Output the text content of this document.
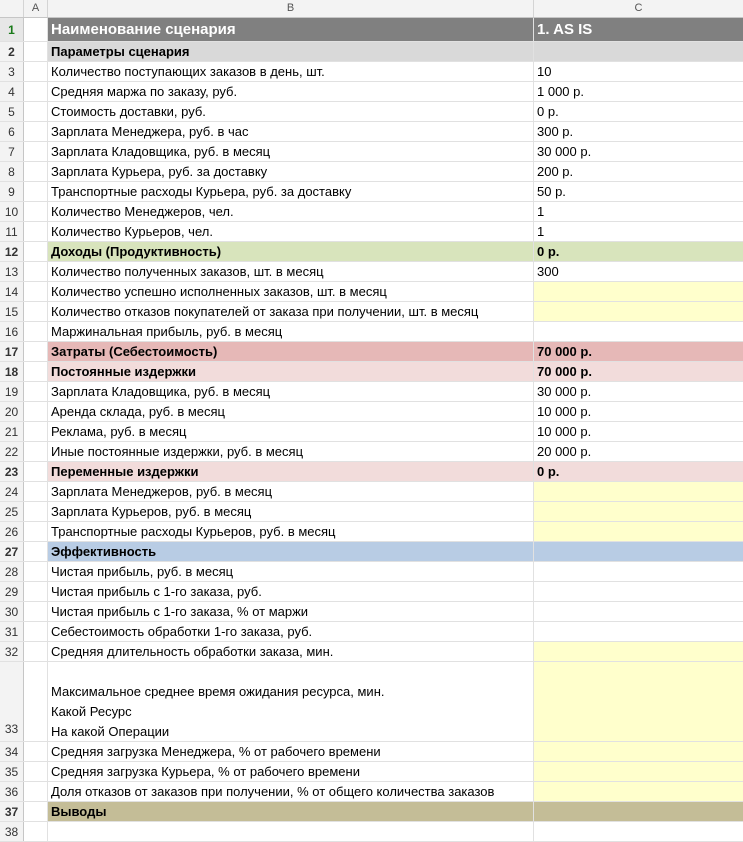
A	B	C
1	Наименование сценария	1. AS IS
2	Параметры сценария
3	Количество поступающих заказов в день, шт.	10
4	Средняя маржа по заказу, руб.	1 000 р.
5	Стоимость доставки, руб.	0 р.
6	Зарплата Менеджера, руб. в час	300 р.
7	Зарплата Кладовщика, руб. в месяц	30 000 р.
8	Зарплата Курьера, руб. за доставку	200 р.
9	Транспортные расходы Курьера, руб. за доставку	50 р.
10	Количество Менеджеров, чел.	1
11	Количество Курьеров, чел.	1
12	Доходы (Продуктивность)	0 р.
13	Количество полученных заказов, шт. в месяц	300
14	Количество успешно исполненных заказов, шт. в месяц
15	Количество отказов покупателей от заказа при получении, шт. в месяц
16	Маржинальная прибыль, руб. в месяц
17	Затраты (Себестоимость)	70 000 р.
18	Постоянные издержки	70 000 р.
19	Зарплата Кладовщика, руб. в месяц	30 000 р.
20	Аренда склада, руб. в месяц	10 000 р.
21	Реклама, руб. в месяц	10 000 р.
22	Иные постоянные издержки, руб. в месяц	20 000 р.
23	Переменные издержки	0 р.
24	Зарплата Менеджеров, руб. в месяц
25	Зарплата Курьеров, руб. в месяц
26	Транспортные расходы Курьеров, руб. в месяц
27	Эффективность
28	Чистая прибыль, руб. в месяц
29	Чистая прибыль с 1-го заказа, руб.
30	Чистая прибыль с 1-го заказа, % от маржи
31	Себестоимость обработки 1-го заказа, руб.
32	Средняя длительность обработки заказа, мин.
33
Максимальное среднее время ожидания ресурса, мин.
Какой Ресурс
На какой Операции
34	Средняя загрузка Менеджера, % от рабочего времени
35	Средняя загрузка Курьера, % от рабочего времени
36	Доля отказов от заказов при получении, % от общего количества заказов
37	Выводы
38
